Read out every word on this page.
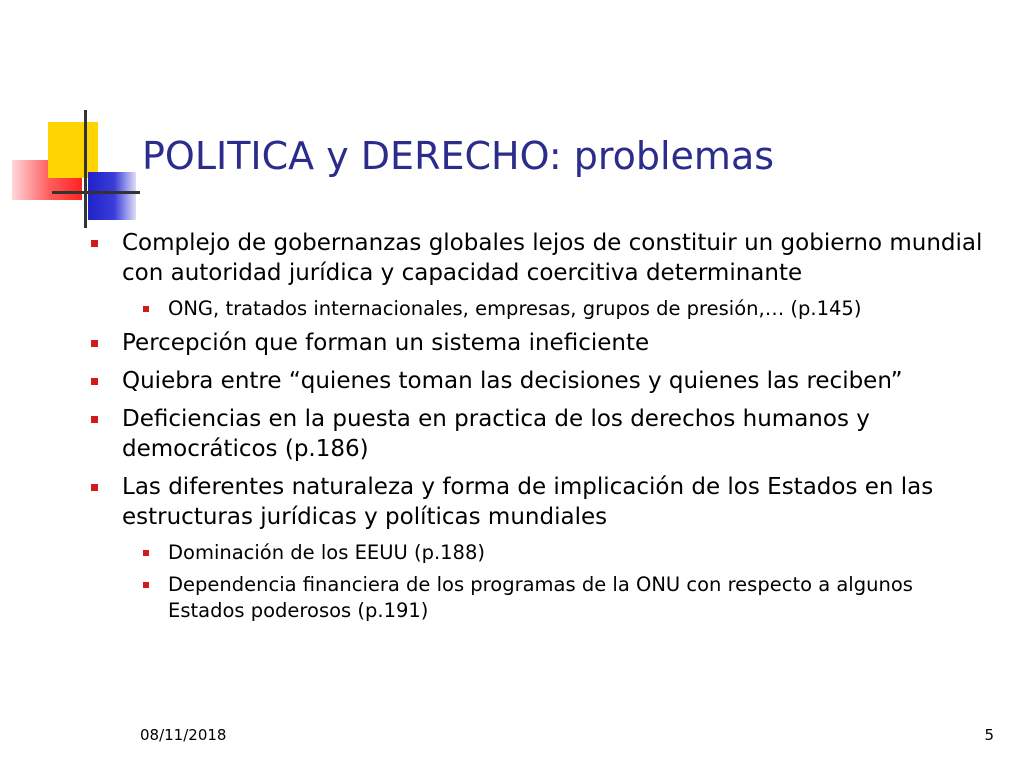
POLITICA y DERECHO: problemas
Complejo de gobernanzas globales lejos de constituir un gobierno mundial con autoridad jurídica y capacidad coercitiva determinante
ONG, tratados internacionales, empresas, grupos de presión,… (p.145)
Percepción que forman un sistema ineficiente
Quiebra entre “quienes toman las decisiones y quienes las reciben”
Deficiencias en la puesta en practica de los derechos humanos y democráticos (p.186)
Las diferentes naturaleza y forma de implicación de los Estados en las estructuras jurídicas y políticas mundiales
Dominación de los EEUU (p.188)
Dependencia financiera de los programas de la ONU con respecto a algunos Estados poderosos (p.191)
08/11/2018	5
